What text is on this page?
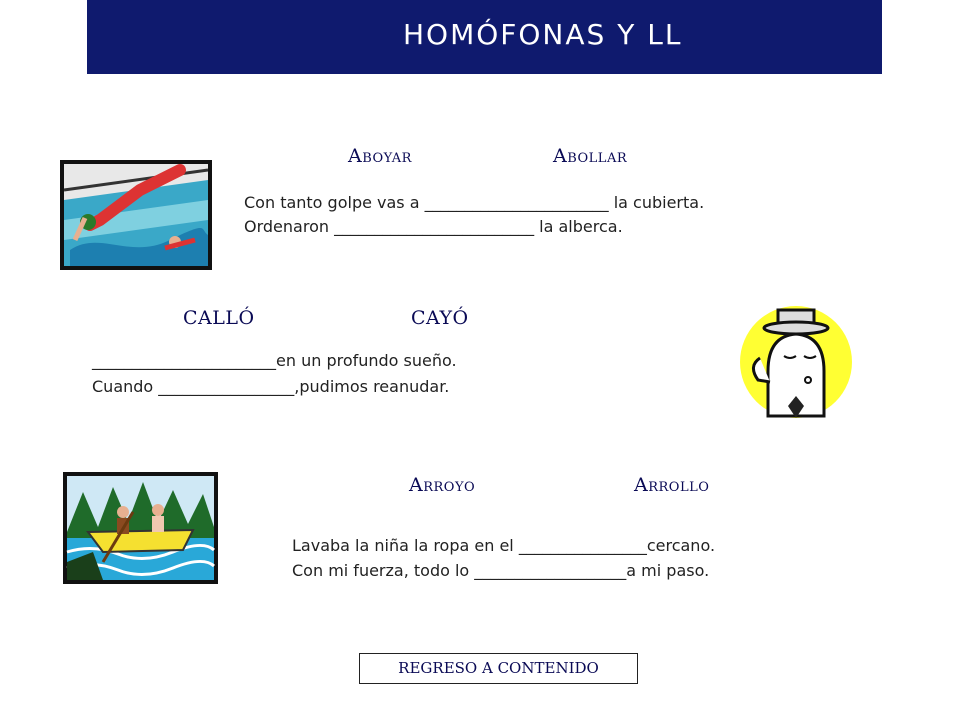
HOMÓFONAS Y LL
Aboyar	Abollar
Con tanto golpe vas a _______________________ la cubierta.
Ordenaron _________________________ la alberca.
CALLÓ	CAYÓ
_______________________en un profundo sueño.
Cuando _________________,pudimos reanudar.
Arroyo	Arrollo
Lavaba la niña la ropa en el ________________cercano.
Con mi fuerza, todo lo ___________________a mi paso.
REGRESO A CONTENIDO
